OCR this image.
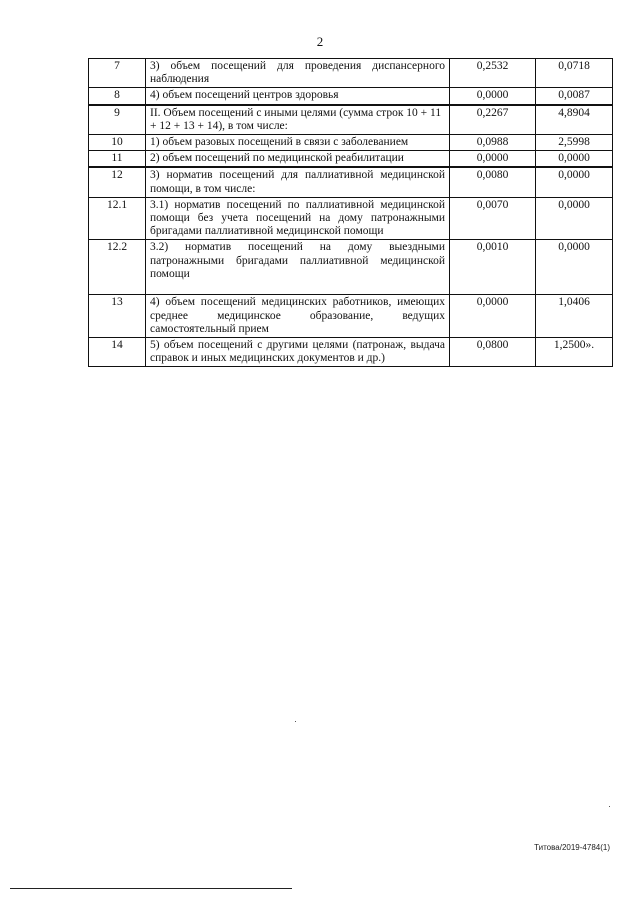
2
7	3) объем посещений для проведения диспансерного наблюдения	0,2532	0,0718
8	4) объем посещений центров здоровья	0,0000	0,0087
9	II. Объем посещений с иными целями (сумма строк 10 + 11 + 12 + 13 + 14), в том числе:	0,2267	4,8904
10	1) объем разовых посещений в связи с заболеванием	0,0988	2,5998
11	2) объем посещений по медицинской реабилитации	0,0000	0,0000
12	3) норматив посещений для паллиативной медицинской помощи, в том числе:	0,0080	0,0000
12.1	3.1) норматив посещений по паллиативной медицинской помощи без учета посещений на дому патронажными бригадами паллиативной медицинской помощи	0,0070	0,0000
12.2	3.2) норматив посещений на дому выездными патронажными бригадами паллиативной медицинской помощи	0,0010	0,0000
13	4) объем посещений медицинских работников, имеющих среднее медицинское образование, ведущих самостоятельный прием	0,0000	1,0406
14	5) объем посещений с другими целями (патронаж, выдача справок и иных медицинских документов и др.)	0,0800	1,2500».
Титова/2019-4784(1)
